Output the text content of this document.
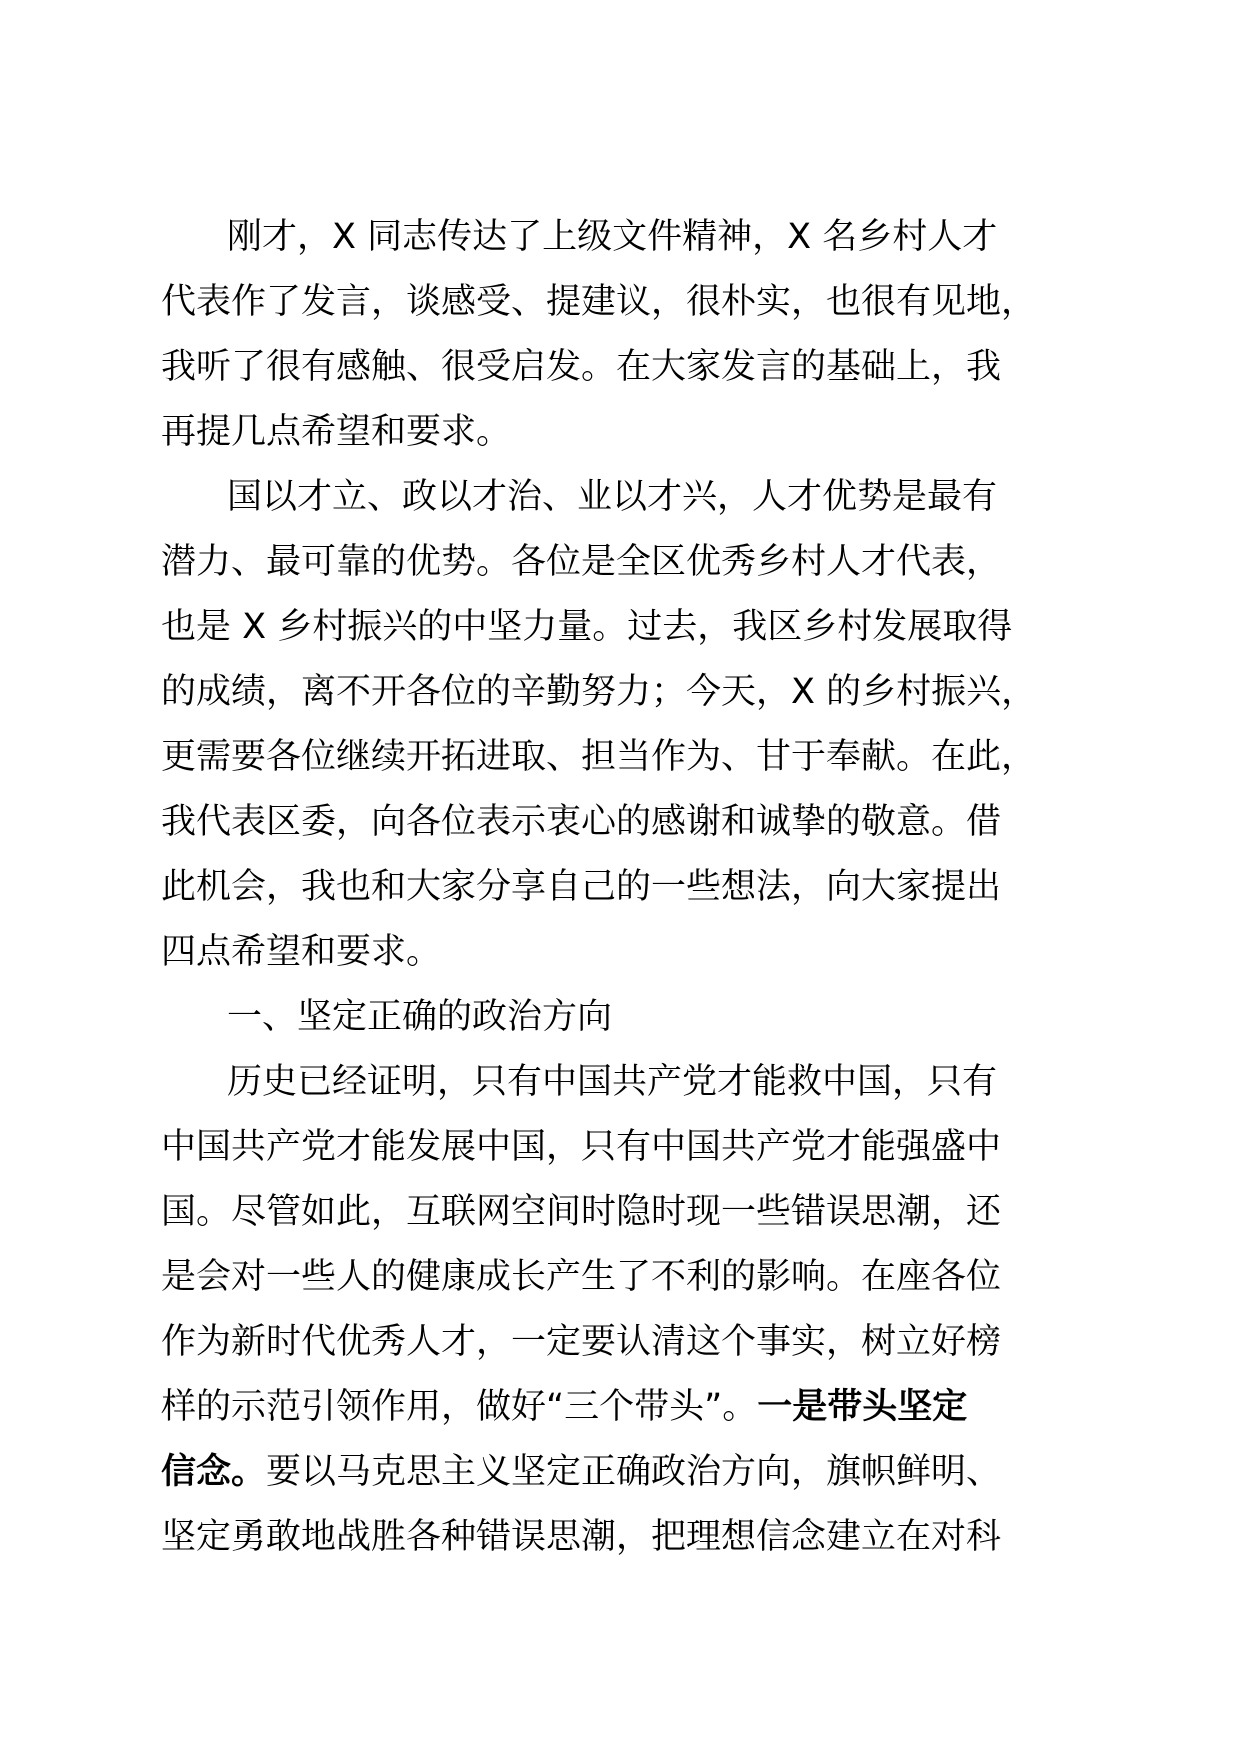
刚才，X 同志传达了上级文件精神，X 名乡村人才
代表作了发言，谈感受、提建议，很朴实，也很有见地，
我听了很有感触、很受启发。在大家发言的基础上，我
再提几点希望和要求。
国以才立、政以才治、业以才兴，人才优势是最有
潜力、最可靠的优势。各位是全区优秀乡村人才代表，
也是 X 乡村振兴的中坚力量。过去，我区乡村发展取得
的成绩，离不开各位的辛勤努力；今天，X 的乡村振兴，
更需要各位继续开拓进取、担当作为、甘于奉献。在此，
我代表区委，向各位表示衷心的感谢和诚挚的敬意。借
此机会，我也和大家分享自己的一些想法，向大家提出
四点希望和要求。
一、坚定正确的政治方向
历史已经证明，只有中国共产党才能救中国，只有
中国共产党才能发展中国，只有中国共产党才能强盛中
国。尽管如此，互联网空间时隐时现一些错误思潮，还
是会对一些人的健康成长产生了不利的影响。在座各位
作为新时代优秀人才，一定要认清这个事实，树立好榜
样的示范引领作用，做好“三个带头”。一是带头坚定
信念。要以马克思主义坚定正确政治方向，旗帜鲜明、
坚定勇敢地战胜各种错误思潮，把理想信念建立在对科
